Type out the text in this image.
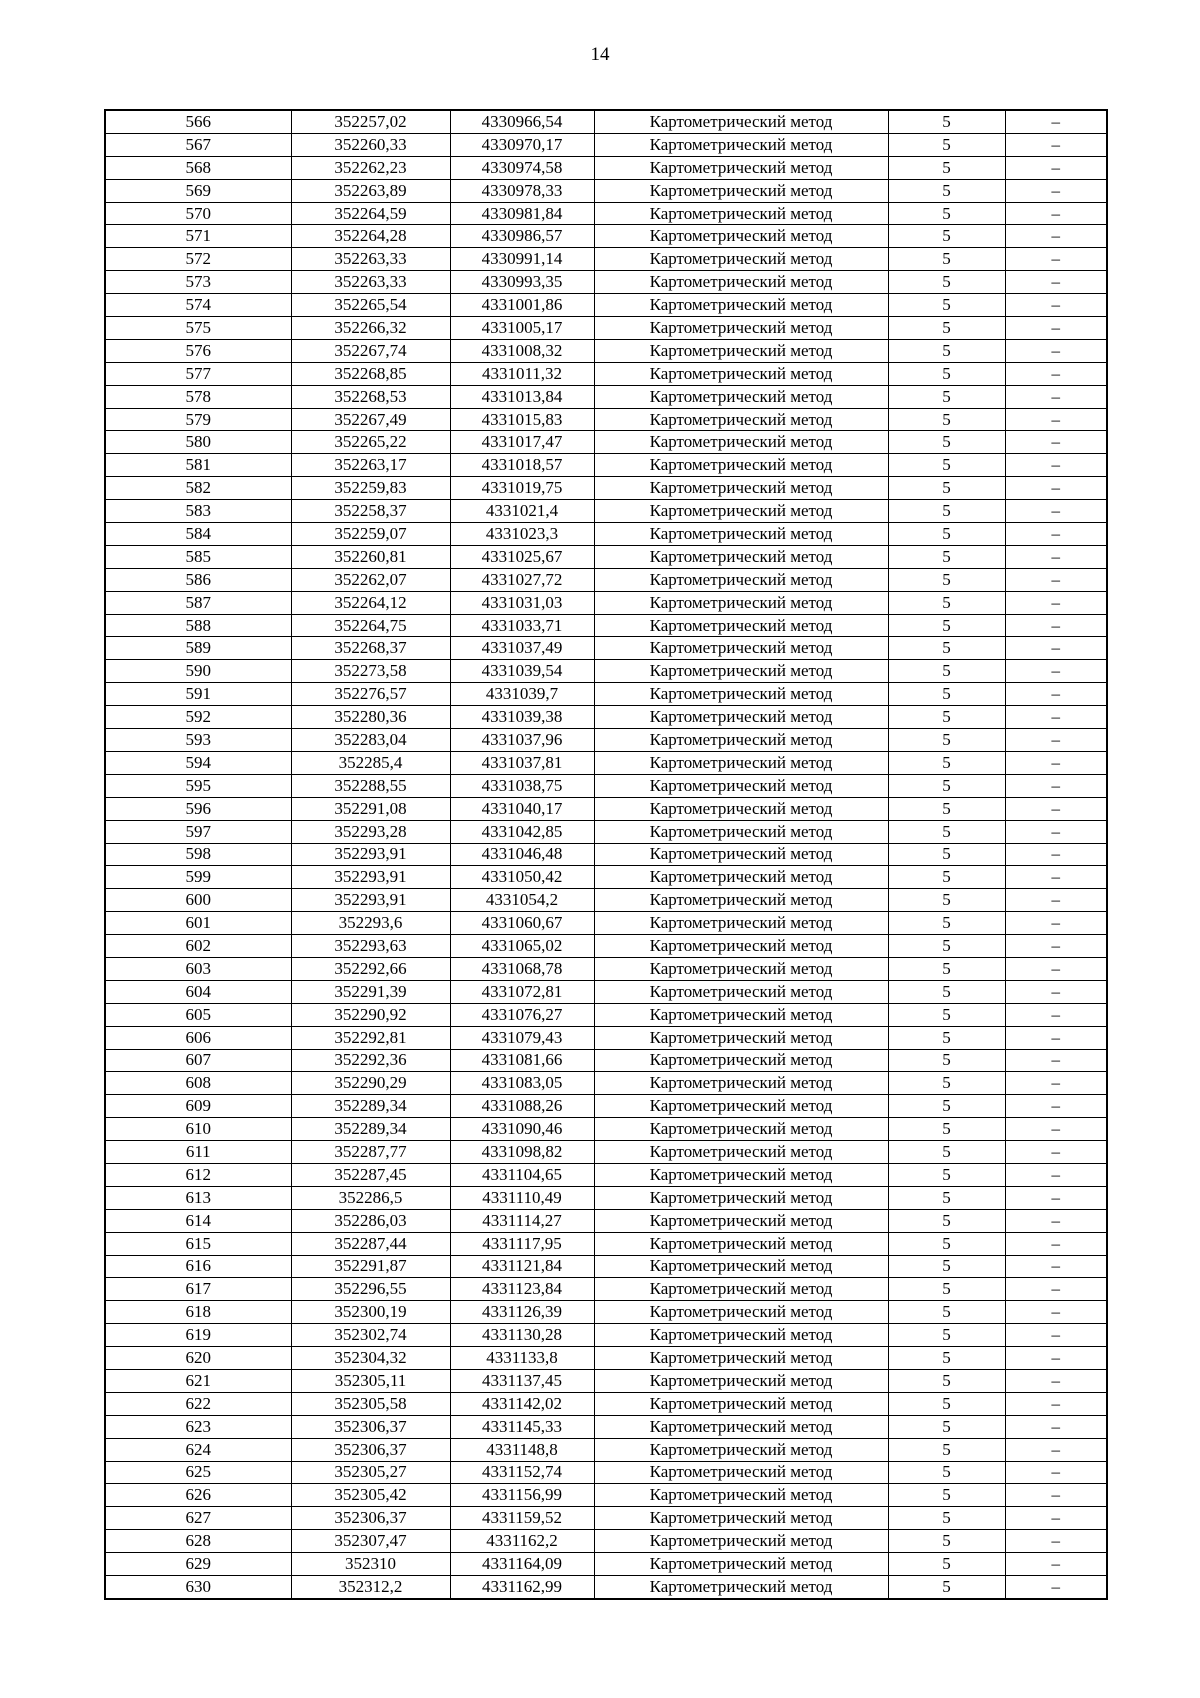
14
566	352257,02	4330966,54	Картометрический метод	5	–
567	352260,33	4330970,17	Картометрический метод	5	–
568	352262,23	4330974,58	Картометрический метод	5	–
569	352263,89	4330978,33	Картометрический метод	5	–
570	352264,59	4330981,84	Картометрический метод	5	–
571	352264,28	4330986,57	Картометрический метод	5	–
572	352263,33	4330991,14	Картометрический метод	5	–
573	352263,33	4330993,35	Картометрический метод	5	–
574	352265,54	4331001,86	Картометрический метод	5	–
575	352266,32	4331005,17	Картометрический метод	5	–
576	352267,74	4331008,32	Картометрический метод	5	–
577	352268,85	4331011,32	Картометрический метод	5	–
578	352268,53	4331013,84	Картометрический метод	5	–
579	352267,49	4331015,83	Картометрический метод	5	–
580	352265,22	4331017,47	Картометрический метод	5	–
581	352263,17	4331018,57	Картометрический метод	5	–
582	352259,83	4331019,75	Картометрический метод	5	–
583	352258,37	4331021,4	Картометрический метод	5	–
584	352259,07	4331023,3	Картометрический метод	5	–
585	352260,81	4331025,67	Картометрический метод	5	–
586	352262,07	4331027,72	Картометрический метод	5	–
587	352264,12	4331031,03	Картометрический метод	5	–
588	352264,75	4331033,71	Картометрический метод	5	–
589	352268,37	4331037,49	Картометрический метод	5	–
590	352273,58	4331039,54	Картометрический метод	5	–
591	352276,57	4331039,7	Картометрический метод	5	–
592	352280,36	4331039,38	Картометрический метод	5	–
593	352283,04	4331037,96	Картометрический метод	5	–
594	352285,4	4331037,81	Картометрический метод	5	–
595	352288,55	4331038,75	Картометрический метод	5	–
596	352291,08	4331040,17	Картометрический метод	5	–
597	352293,28	4331042,85	Картометрический метод	5	–
598	352293,91	4331046,48	Картометрический метод	5	–
599	352293,91	4331050,42	Картометрический метод	5	–
600	352293,91	4331054,2	Картометрический метод	5	–
601	352293,6	4331060,67	Картометрический метод	5	–
602	352293,63	4331065,02	Картометрический метод	5	–
603	352292,66	4331068,78	Картометрический метод	5	–
604	352291,39	4331072,81	Картометрический метод	5	–
605	352290,92	4331076,27	Картометрический метод	5	–
606	352292,81	4331079,43	Картометрический метод	5	–
607	352292,36	4331081,66	Картометрический метод	5	–
608	352290,29	4331083,05	Картометрический метод	5	–
609	352289,34	4331088,26	Картометрический метод	5	–
610	352289,34	4331090,46	Картометрический метод	5	–
611	352287,77	4331098,82	Картометрический метод	5	–
612	352287,45	4331104,65	Картометрический метод	5	–
613	352286,5	4331110,49	Картометрический метод	5	–
614	352286,03	4331114,27	Картометрический метод	5	–
615	352287,44	4331117,95	Картометрический метод	5	–
616	352291,87	4331121,84	Картометрический метод	5	–
617	352296,55	4331123,84	Картометрический метод	5	–
618	352300,19	4331126,39	Картометрический метод	5	–
619	352302,74	4331130,28	Картометрический метод	5	–
620	352304,32	4331133,8	Картометрический метод	5	–
621	352305,11	4331137,45	Картометрический метод	5	–
622	352305,58	4331142,02	Картометрический метод	5	–
623	352306,37	4331145,33	Картометрический метод	5	–
624	352306,37	4331148,8	Картометрический метод	5	–
625	352305,27	4331152,74	Картометрический метод	5	–
626	352305,42	4331156,99	Картометрический метод	5	–
627	352306,37	4331159,52	Картометрический метод	5	–
628	352307,47	4331162,2	Картометрический метод	5	–
629	352310	4331164,09	Картометрический метод	5	–
630	352312,2	4331162,99	Картометрический метод	5	–
